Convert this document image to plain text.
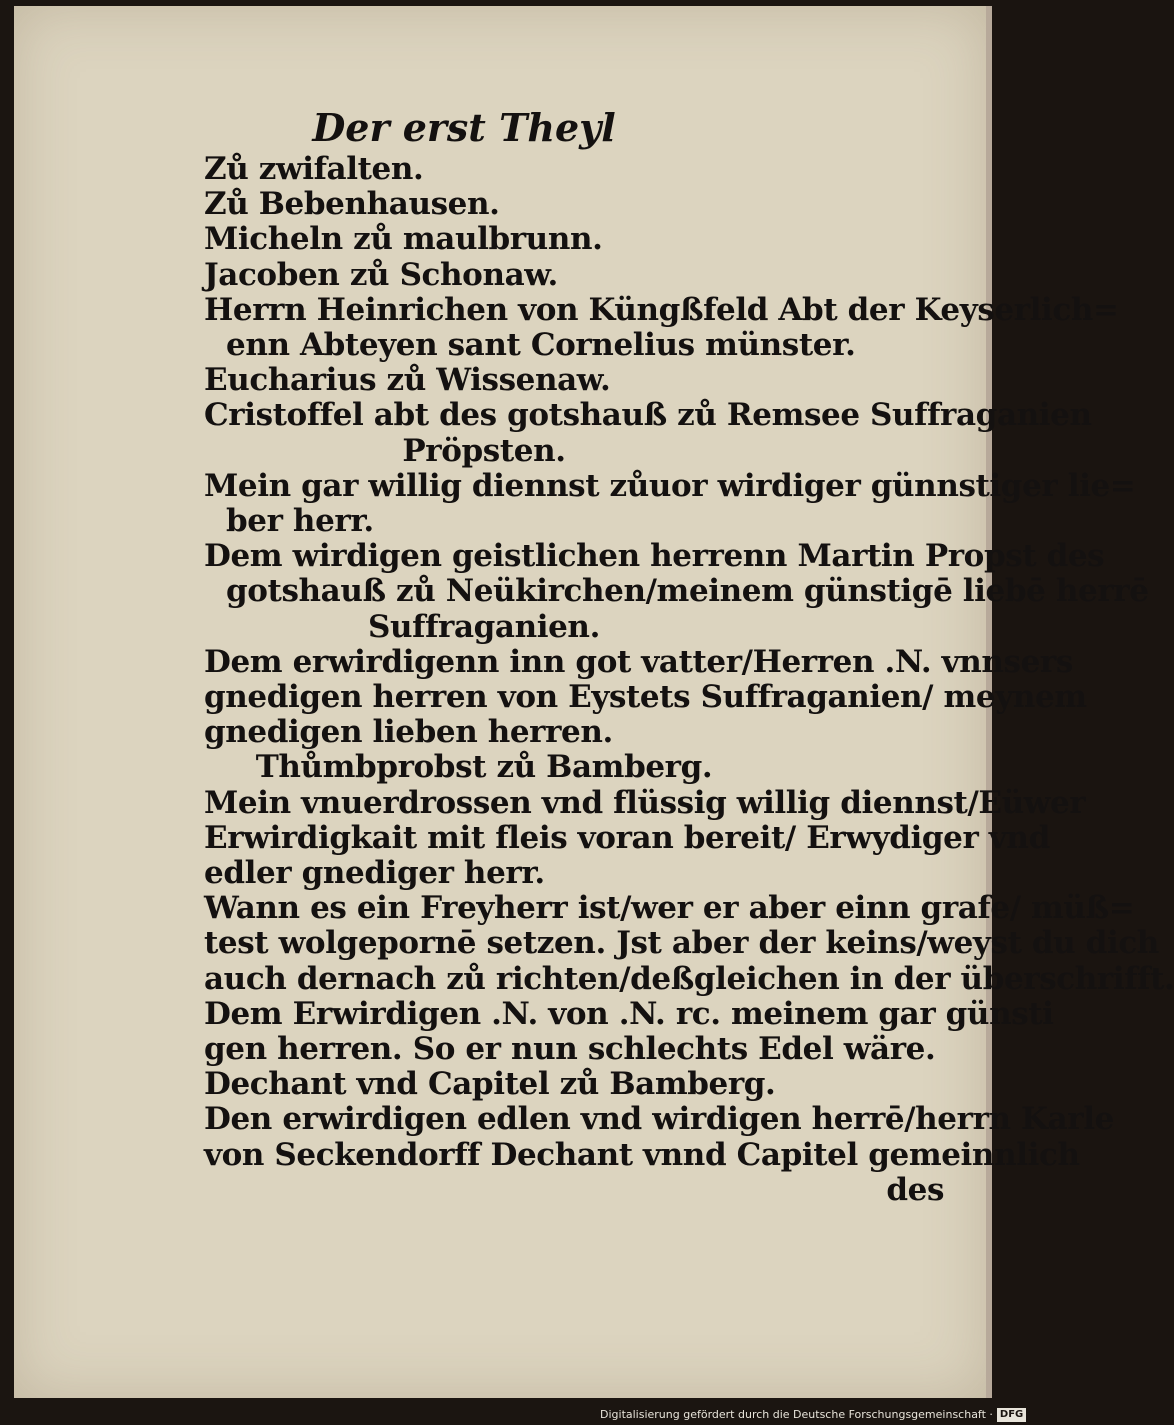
Der erst Theyl
Zů zwifalten.
Zů Bebenhausen.
Micheln zů maulbrunn.
Jacoben zů Schonaw.
Herrn Heinrichen von Küngßfeld Abt der Keyserlich=
enn Abteyen sant Cornelius münster.
Eucharius zů Wissenaw.
Cristoffel abt des gotshauß zů Remsee Suffraganien
Pröpsten.
Mein gar willig diennst zůuor wirdiger günnstiger lie=
ber herr.
Dem wirdigen geistlichen herrenn Martin Propst des
gotshauß zů Neükirchen/meinem günstigē liebē herrē
Suffraganien.
Dem erwirdigenn inn got vatter/Herren .N. vnnsers
gnedigen herren von Eystets Suffraganien/ meynem
gnedigen lieben herren.
Thůmbprobst zů Bamberg.
Mein vnuerdrossen vnd flüssig willig diennst/Eüwer
Erwirdigkait mit fleis voran bereit/ Erwydiger vnd
edler gnediger herr.
Wann es ein Freyherr ist/wer er aber einn grafe/ müß=
test wolgepornē setzen. Jst aber der keins/weyst du dich
auch dernach zů richten/deßgleichen in der überschrifft.
Dem Erwirdigen .N. von .N. rc. meinem gar günsti
gen herren. So er nun schlechts Edel wäre.
Dechant vnd Capitel zů Bamberg.
Den erwirdigen edlen vnd wirdigen herrē/herrn Karle
von Seckendorff Dechant vnnd Capitel gemeinnlich
des
Digitalisierung gefördert durch die Deutsche Forschungsgemeinschaft · DFG
